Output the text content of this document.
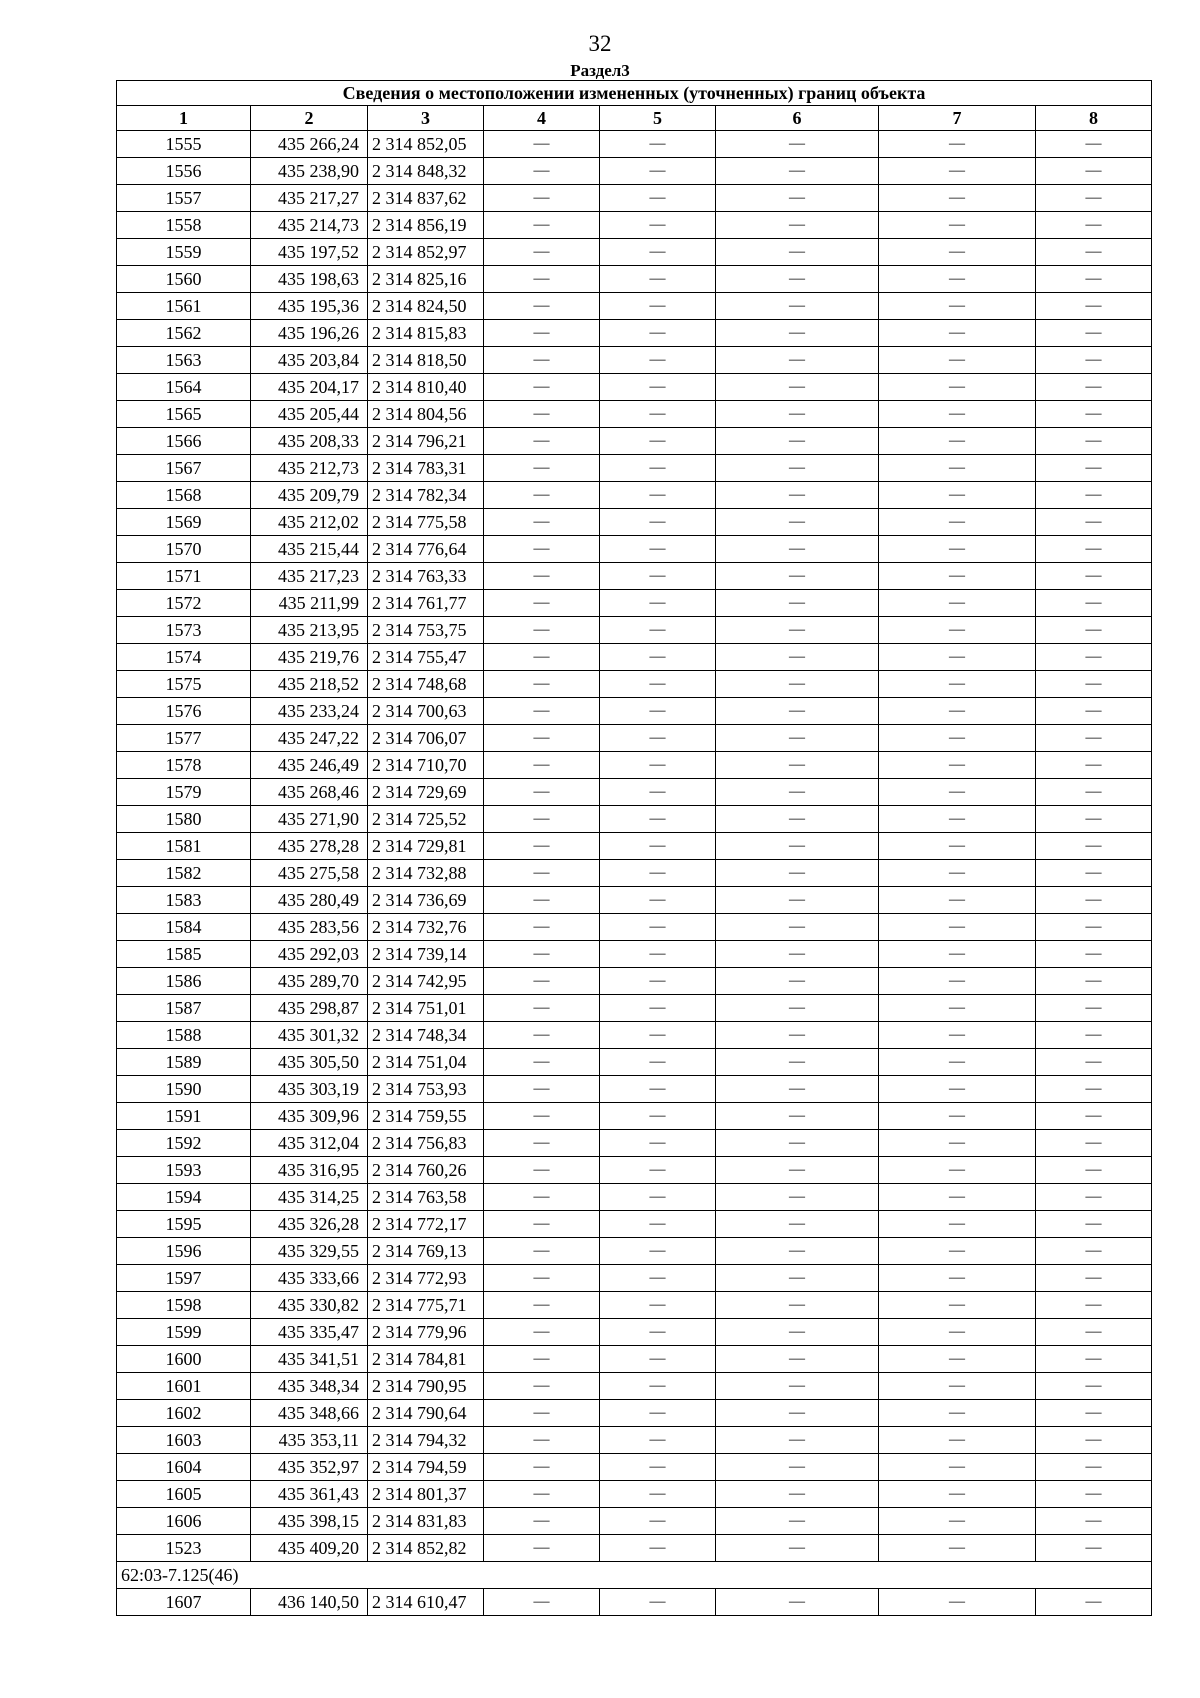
32
Раздел3
Сведения о местоположении измененных (уточненных) границ объекта							
1	2	3	4	5	6	7	8
1555	435 266,24	2 314 852,05	—	—	—	—	—
1556	435 238,90	2 314 848,32	—	—	—	—	—
1557	435 217,27	2 314 837,62	—	—	—	—	—
1558	435 214,73	2 314 856,19	—	—	—	—	—
1559	435 197,52	2 314 852,97	—	—	—	—	—
1560	435 198,63	2 314 825,16	—	—	—	—	—
1561	435 195,36	2 314 824,50	—	—	—	—	—
1562	435 196,26	2 314 815,83	—	—	—	—	—
1563	435 203,84	2 314 818,50	—	—	—	—	—
1564	435 204,17	2 314 810,40	—	—	—	—	—
1565	435 205,44	2 314 804,56	—	—	—	—	—
1566	435 208,33	2 314 796,21	—	—	—	—	—
1567	435 212,73	2 314 783,31	—	—	—	—	—
1568	435 209,79	2 314 782,34	—	—	—	—	—
1569	435 212,02	2 314 775,58	—	—	—	—	—
1570	435 215,44	2 314 776,64	—	—	—	—	—
1571	435 217,23	2 314 763,33	—	—	—	—	—
1572	435 211,99	2 314 761,77	—	—	—	—	—
1573	435 213,95	2 314 753,75	—	—	—	—	—
1574	435 219,76	2 314 755,47	—	—	—	—	—
1575	435 218,52	2 314 748,68	—	—	—	—	—
1576	435 233,24	2 314 700,63	—	—	—	—	—
1577	435 247,22	2 314 706,07	—	—	—	—	—
1578	435 246,49	2 314 710,70	—	—	—	—	—
1579	435 268,46	2 314 729,69	—	—	—	—	—
1580	435 271,90	2 314 725,52	—	—	—	—	—
1581	435 278,28	2 314 729,81	—	—	—	—	—
1582	435 275,58	2 314 732,88	—	—	—	—	—
1583	435 280,49	2 314 736,69	—	—	—	—	—
1584	435 283,56	2 314 732,76	—	—	—	—	—
1585	435 292,03	2 314 739,14	—	—	—	—	—
1586	435 289,70	2 314 742,95	—	—	—	—	—
1587	435 298,87	2 314 751,01	—	—	—	—	—
1588	435 301,32	2 314 748,34	—	—	—	—	—
1589	435 305,50	2 314 751,04	—	—	—	—	—
1590	435 303,19	2 314 753,93	—	—	—	—	—
1591	435 309,96	2 314 759,55	—	—	—	—	—
1592	435 312,04	2 314 756,83	—	—	—	—	—
1593	435 316,95	2 314 760,26	—	—	—	—	—
1594	435 314,25	2 314 763,58	—	—	—	—	—
1595	435 326,28	2 314 772,17	—	—	—	—	—
1596	435 329,55	2 314 769,13	—	—	—	—	—
1597	435 333,66	2 314 772,93	—	—	—	—	—
1598	435 330,82	2 314 775,71	—	—	—	—	—
1599	435 335,47	2 314 779,96	—	—	—	—	—
1600	435 341,51	2 314 784,81	—	—	—	—	—
1601	435 348,34	2 314 790,95	—	—	—	—	—
1602	435 348,66	2 314 790,64	—	—	—	—	—
1603	435 353,11	2 314 794,32	—	—	—	—	—
1604	435 352,97	2 314 794,59	—	—	—	—	—
1605	435 361,43	2 314 801,37	—	—	—	—	—
1606	435 398,15	2 314 831,83	—	—	—	—	—
1523	435 409,20	2 314 852,82	—	—	—	—	—
62:03-7.125(46)							
1607	436 140,50	2 314 610,47	—	—	—	—	—
